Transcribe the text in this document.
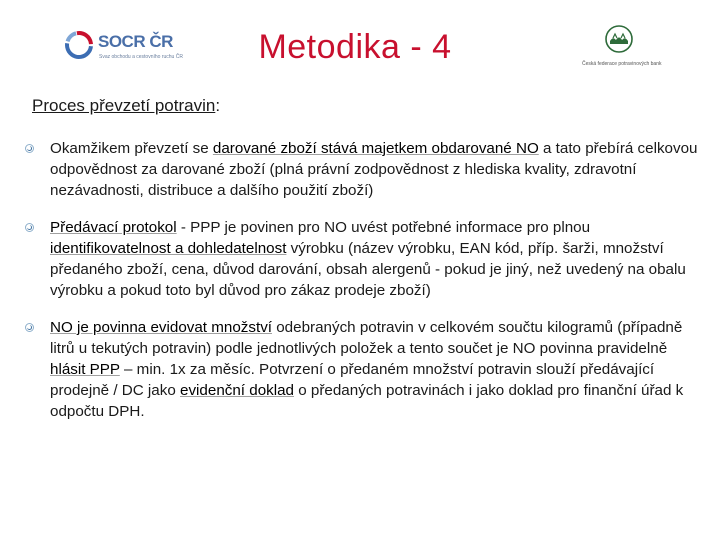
SOCR ČR
Svaz obchodu a cestovního ruchu ČR	Metodika - 4	Česká federace potravinových bank
Proces převzetí potravin:
Okamžikem převzetí se darované zboží stává majetkem obdarované NO a tato přebírá celkovou odpovědnost za darované zboží (plná právní zodpovědnost z hlediska kvality, zdravotní nezávadnosti, distribuce a dalšího použití zboží)
Předávací protokol - PPP je povinen pro NO uvést potřebné informace pro plnou identifikovatelnost a dohledatelnost výrobku (název výrobku, EAN kód, příp. šarži, množství předaného zboží, cena, důvod darování, obsah alergenů - pokud je jiný, než uvedený na obalu výrobku a pokud toto byl důvod pro zákaz prodeje zboží)
NO je povinna evidovat množství odebraných potravin v celkovém součtu kilogramů (případně litrů u tekutých potravin) podle jednotlivých položek a tento součet je NO povinna pravidelně hlásit PPP – min. 1x za měsíc. Potvrzení o předaném množství potravin slouží předávající prodejně / DC jako evidenční doklad o předaných potravinách i jako doklad pro finanční úřad k odpočtu DPH.
